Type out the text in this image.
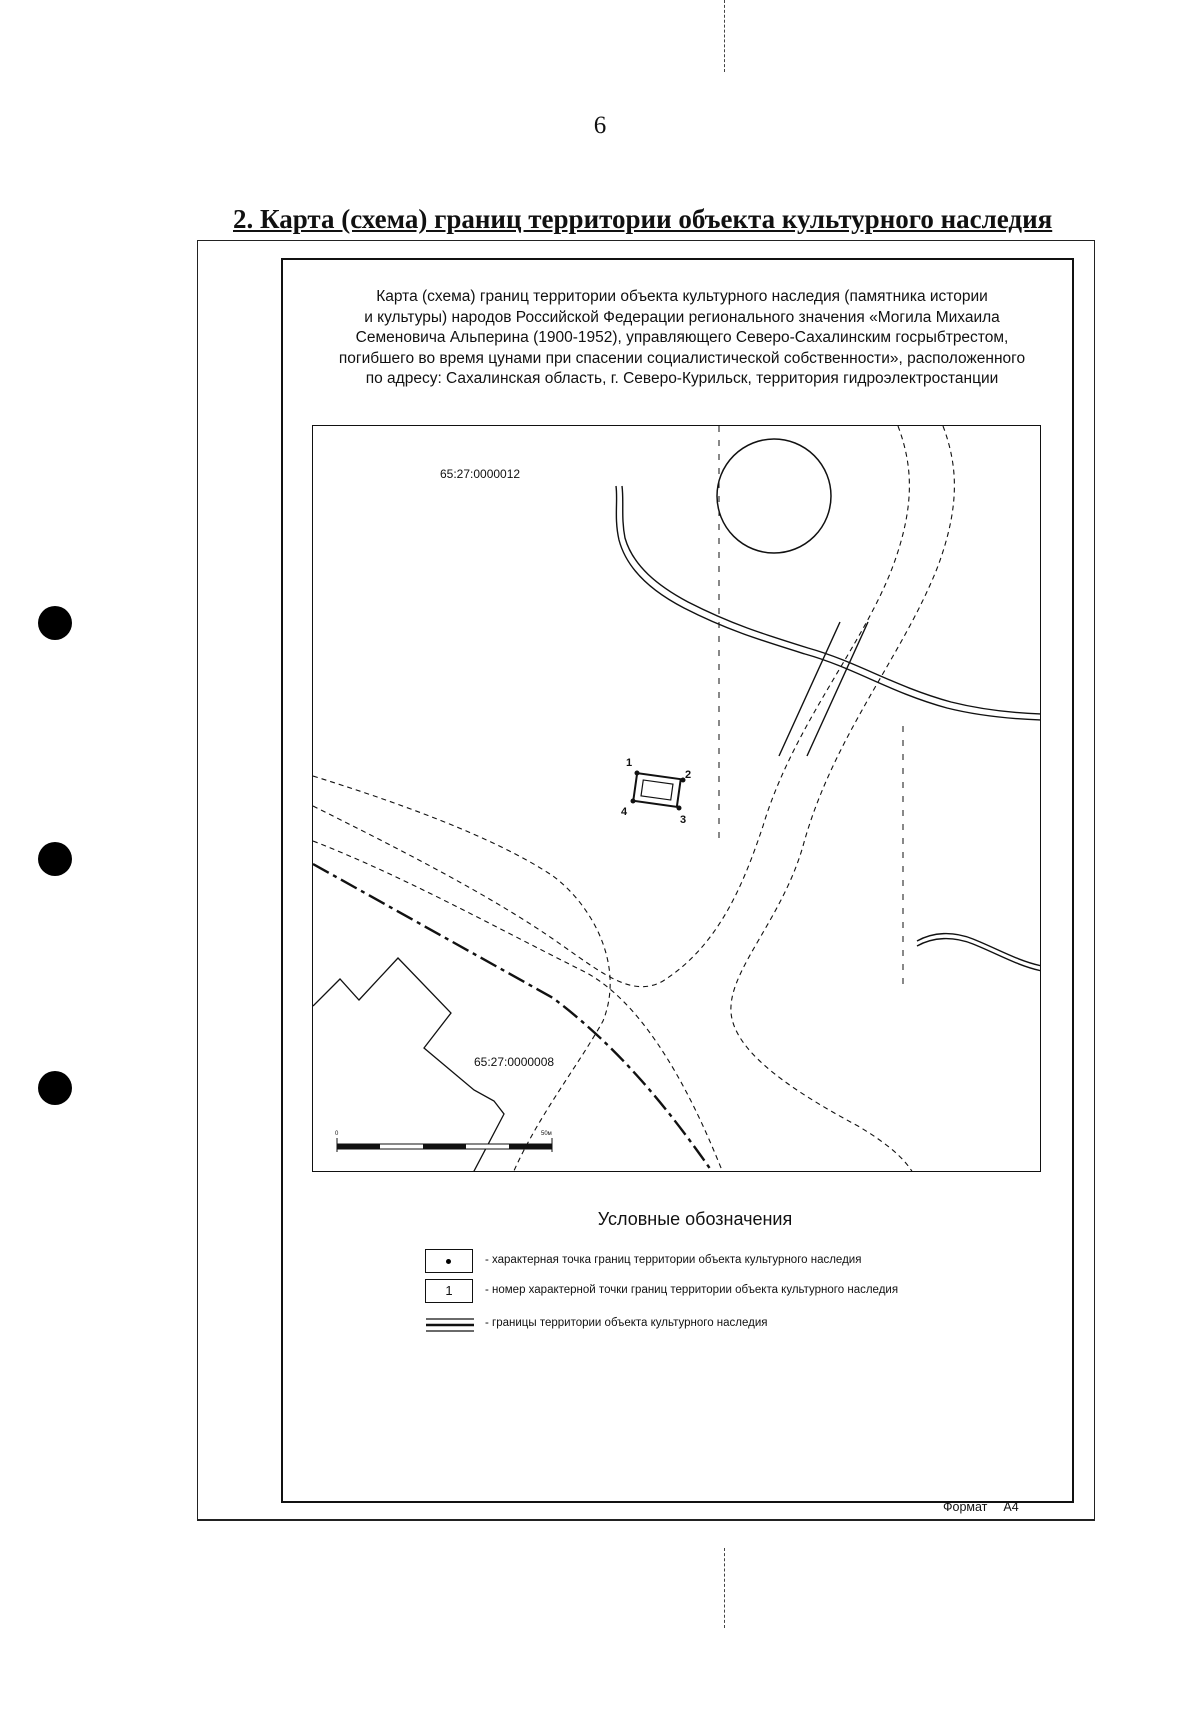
6
2. Карта (схема) границ территории объекта культурного наследия
Карта (схема) границ территории объекта культурного наследия (памятника истории
и культуры) народов Российской Федерации регионального значения «Могила Михаила
Семеновича Альперина (1900-1952), управляющего Северо-Сахалинским госрыбтрестом,
погибшего во время цунами при спасении социалистической собственности», расположенного
по адресу: Сахалинская область, г. Северо-Курильск, территория гидроэлектростанции
1
2
3
4
65:27:0000012
65:27:0000008
0	50м
Условные обозначения
- характерная точка границ территории объекта культурного наследия
1	- номер характерной точки границ территории объекта культурного наследия
- границы территории объекта культурного наследия
Формат А4
